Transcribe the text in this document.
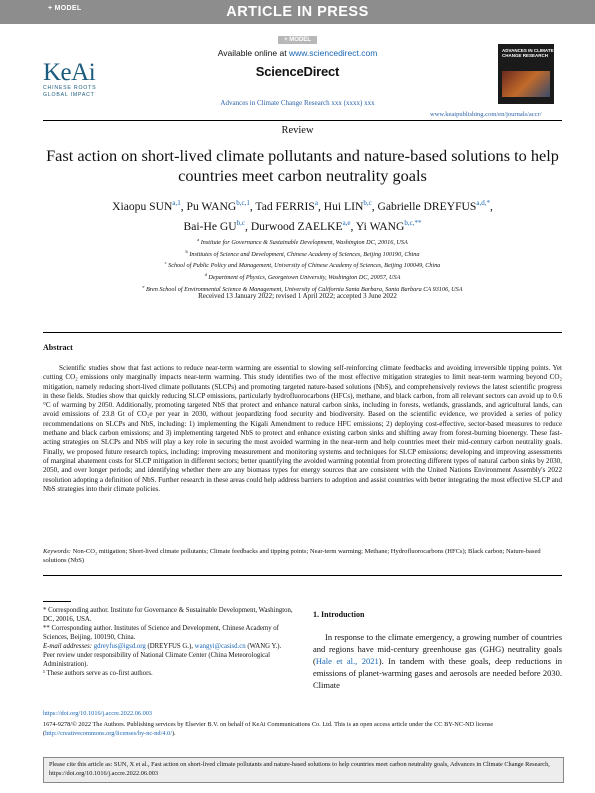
+ MODEL	ARTICLE IN PRESS
+ MODEL
KeAi
CHINESE ROOTS
GLOBAL IMPACT
Available online at www.sciencedirect.com
ScienceDirect
Advances in Climate Change Research xxx (xxxx) xxx
ADVANCES IN CLIMATE CHANGE RESEARCH
www.keaipublishing.com/en/journals/accr/
Review
Fast action on short-lived climate pollutants and nature-based solutions to help countries meet carbon neutrality goals
Xiaopu SUN$^{a,1}$, Pu WANG$^{b,c,1}$, Tad FERRIS$^a$, Hui LIN$^{b,c}$, Gabrielle $DREYFUS^{a,d,*}$,
Bai-He GU$^{b,c}$, Durwood ZAELKE$^{a,e}$, Yi $WANG^{b,c,**}$
$^a$ Institute for Governance & Sustainable Development, Washington DC, 20016, USA
$^b$ Institutes of Science and Development, Chinese Academy of Sciences, Beijing 100190, China
$^c$ School of Public Policy and Management, University of Chinese Academy of Sciences, Beijing 100049, China
$^d$ Department of Physics, Georgetown University, Washington DC, 20057, USA
$^e$ Bren School of Environmental Science & Management, University of California Santa Barbara, Santa Barbara CA 93106, USA
Received 13 January 2022; revised 1 April 2022; accepted 3 June 2022
Abstract

Scientific studies show that fast actions to reduce near-term warming are essential to slowing self-reinforcing climate feedbacks and avoiding irreversible tipping points. Yet cutting CO₂ emissions only marginally impacts near-term warming. This study identifies two of the most effective mitigation strategies to limit near-term warming beyond CO₂ mitigation, namely reducing short-lived climate pollutants (SLCPs) and promoting targeted nature-based solutions (NbS), and comprehensively reviews the latest scientific progress in these fields. Studies show that quickly reducing SLCP emissions, particularly hydrofluorocarbons (HFCs), methane, and black carbon, from all relevant sectors can avoid up to 0.6 °C of warming by 2050. Additionally, promoting targeted NbS that protect and enhance natural carbon sinks, including in forests, wetlands, grasslands, and agricultural lands, can avoid emissions of 23.8 Gt of CO₂e per year in 2030, without jeopardizing food security and biodiversity. Based on the scientific evidence, we provided a series of policy recommendations on SLCPs and NbS, including: 1) implementing the Kigali Amendment to reduce HFC emissions; 2) deploying cost-effective, sector-based measures to reduce methane and black carbon emissions; and 3) implementing targeted NbS to protect and enhance existing carbon sinks and shifting away from forest-burning bioenergy. These fast-acting strategies on SLCPs and NbS will play a key role in securing the most avoided warming in the near-term and help countries meet their mid-century carbon neutrality goals. Finally, we proposed future research topics, including: improving measurement and monitoring systems and techniques for SLCP emissions; developing and improving assessments of marginal abatement costs for SLCP mitigation in different sectors; better quantifying the avoided warming potential from protecting different types of natural carbon sinks by 2030, 2050, and over longer periods; and identifying whether there are any biomass types for energy sources that are consistent with the United Nations Environment Assembly's 2022 resolution adopting a definition of NbS. Further research in these areas could help address barriers to adoption and assist countries with better integrating the most effective SLCP and NbS strategies into their climate policies.

Keywords: Non-CO₂ mitigation; Short-lived climate pollutants; Climate feedbacks and tipping points; Near-term warming; Methane; Hydrofluorocarbons (HFCs); Black carbon; Nature-based solutions (NbS)

* Corresponding author. Institute for Governance & Sustainable Development, Washington, DC, 20016, USA.

** Corresponding author. Institutes of Science and Development, Chinese Academy of Sciences, Beijing, 100190, China.

E-mail addresses: gdreyfus@igsd.org (DREYFUS G.), wangyi@casisd.cn (WANG Y.).

Peer review under responsibility of National Climate Center (China Meteorological Administration).

¹ These authors serve as co-first authors.

1. Introduction

In response to the climate emergency, a growing number of countries and regions have mid-century greenhouse gas (GHG) neutrality goals (Hale et al., 2021). In tandem with these goals, deep reductions in emissions of planet-warming gases and aerosols are needed before 2030. Climate

https://doi.org/10.1016/j.accre.2022.06.003
1674-9278/© 2022 The Authors. Publishing services by Elsevier B.V. on behalf of KeAi Communications Co. Ltd. This is an open access article under the CC BY-NC-ND license (http://creativecommons.org/licenses/by-nc-nd/4.0/).
Please cite this article as: SUN, X et al., Fast action on short-lived climate pollutants and nature-based solutions to help countries meet carbon neutrality goals, Advances in Climate Change Research, https://doi.org/10.1016/j.accre.2022.06.003
